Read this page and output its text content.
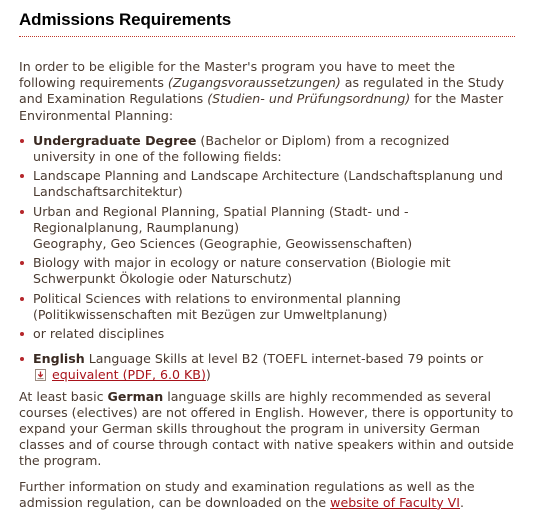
Admissions Requirements

In order to be eligible for the Master's program you have to meet the following requirements (Zugangsvoraussetzungen) as regulated in the Study and Examination Regulations (Studien- und Prüfungsordnung) for the Master Environmental Planning:

Undergraduate Degree (Bachelor or Diplom) from a recognized university in one of the following fields:
Landscape Planning and Landscape Architecture (Landschaftsplanung und Landschaftsarchitektur)
Urban and Regional Planning, Spatial Planning (Stadt- und - Regionalplanung, Raumplanung)
Geography, Geo Sciences (Geographie, Geowissenschaften)
Biology with major in ecology or nature conservation (Biologie mit Schwerpunkt Ökologie oder Naturschutz)
Political Sciences with relations to environmental planning (Politikwissenschaften mit Bezügen zur Umweltplanung)
or related disciplines
English Language Skills at level B2 (TOEFL internet-based 79 points or
equivalent (PDF, 6.0 KB))

At least basic German language skills are highly recommended as several courses (electives) are not offered in English. However, there is opportunity to expand your German skills throughout the program in university German classes and of course through contact with native speakers within and outside the program.

Further information on study and examination regulations as well as the admission regulation, can be downloaded on the website of Faculty VI.
